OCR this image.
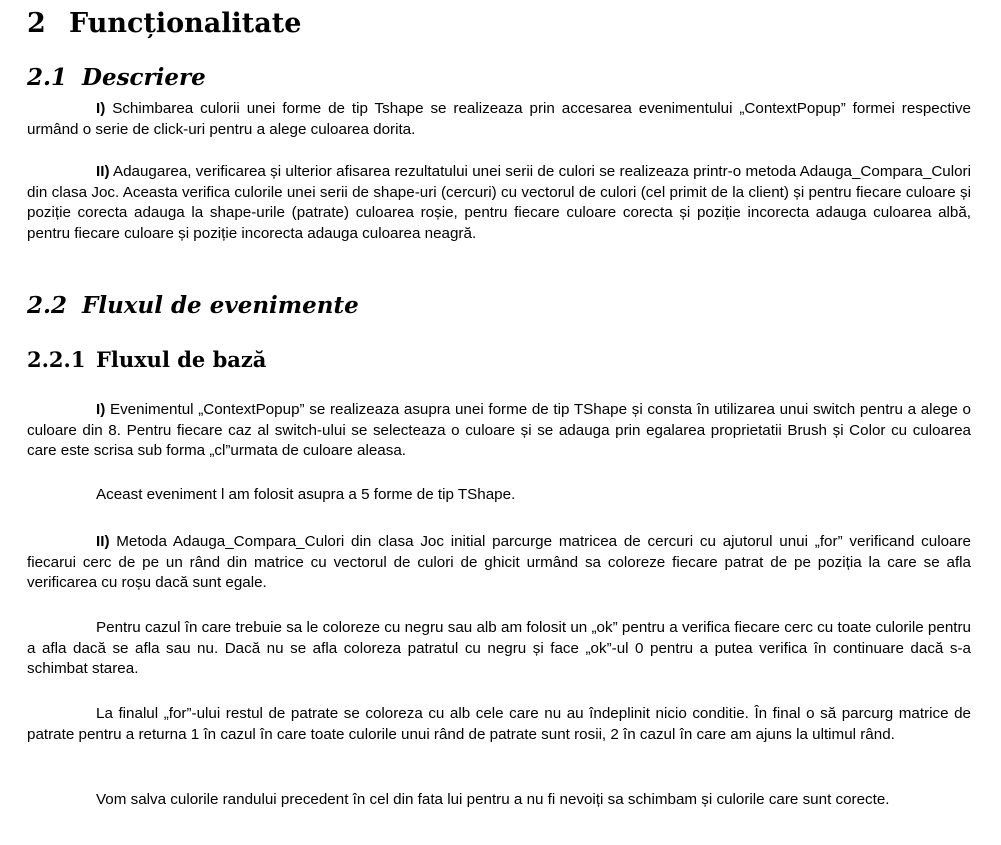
2 Funcționalitate
2.1 Descriere
I) Schimbarea culorii unei forme de tip Tshape se realizeaza prin accesarea evenimentului „ContextPopup” formei respective urmând o serie de click-uri pentru a alege culoarea dorita.
II) Adaugarea, verificarea și ulterior afisarea rezultatului unei serii de culori se realizeaza printr-o metoda Adauga_Compara_Culori din clasa Joc. Aceasta verifica culorile unei serii de shape-uri (cercuri) cu vectorul de culori (cel primit de la client) și pentru fiecare culoare și poziție corecta adauga la shape-urile (patrate) culoarea roșie, pentru fiecare culoare corecta și poziție incorecta adauga culoarea albă, pentru fiecare culoare și poziție incorecta adauga culoarea neagră.
2.2 Fluxul de evenimente
2.2.1 Fluxul de bază
I) Evenimentul „ContextPopup” se realizeaza asupra unei forme de tip TShape și consta în utilizarea unui switch pentru a alege o culoare din 8. Pentru fiecare caz al switch-ului se selecteaza o culoare și se adauga prin egalarea proprietatii Brush și Color cu culoarea care este scrisa sub forma „cl”urmata de culoare aleasa.
Aceast eveniment l am folosit asupra a 5 forme de tip TShape.
II) Metoda Adauga_Compara_Culori din clasa Joc initial parcurge matricea de cercuri cu ajutorul unui „for” verificand culoare fiecarui cerc de pe un rând din matrice cu vectorul de culori de ghicit urmând sa coloreze fiecare patrat de pe poziția la care se afla verificarea cu roșu dacă sunt egale.
Pentru cazul în care trebuie sa le coloreze cu negru sau alb am folosit un „ok” pentru a verifica fiecare cerc cu toate culorile pentru a afla dacă se afla sau nu. Dacă nu se afla coloreza patratul cu negru și face „ok”-ul 0 pentru a putea verifica în continuare dacă s-a schimbat starea.
La finalul „for”-ului restul de patrate se coloreza cu alb cele care nu au îndeplinit nicio conditie. În final o să parcurg matrice de patrate pentru a returna 1 în cazul în care toate culorile unui rând de patrate sunt rosii, 2 în cazul în care am ajuns la ultimul rând.
Vom salva culorile randului precedent în cel din fata lui pentru a nu fi nevoiți sa schimbam și culorile care sunt corecte.
